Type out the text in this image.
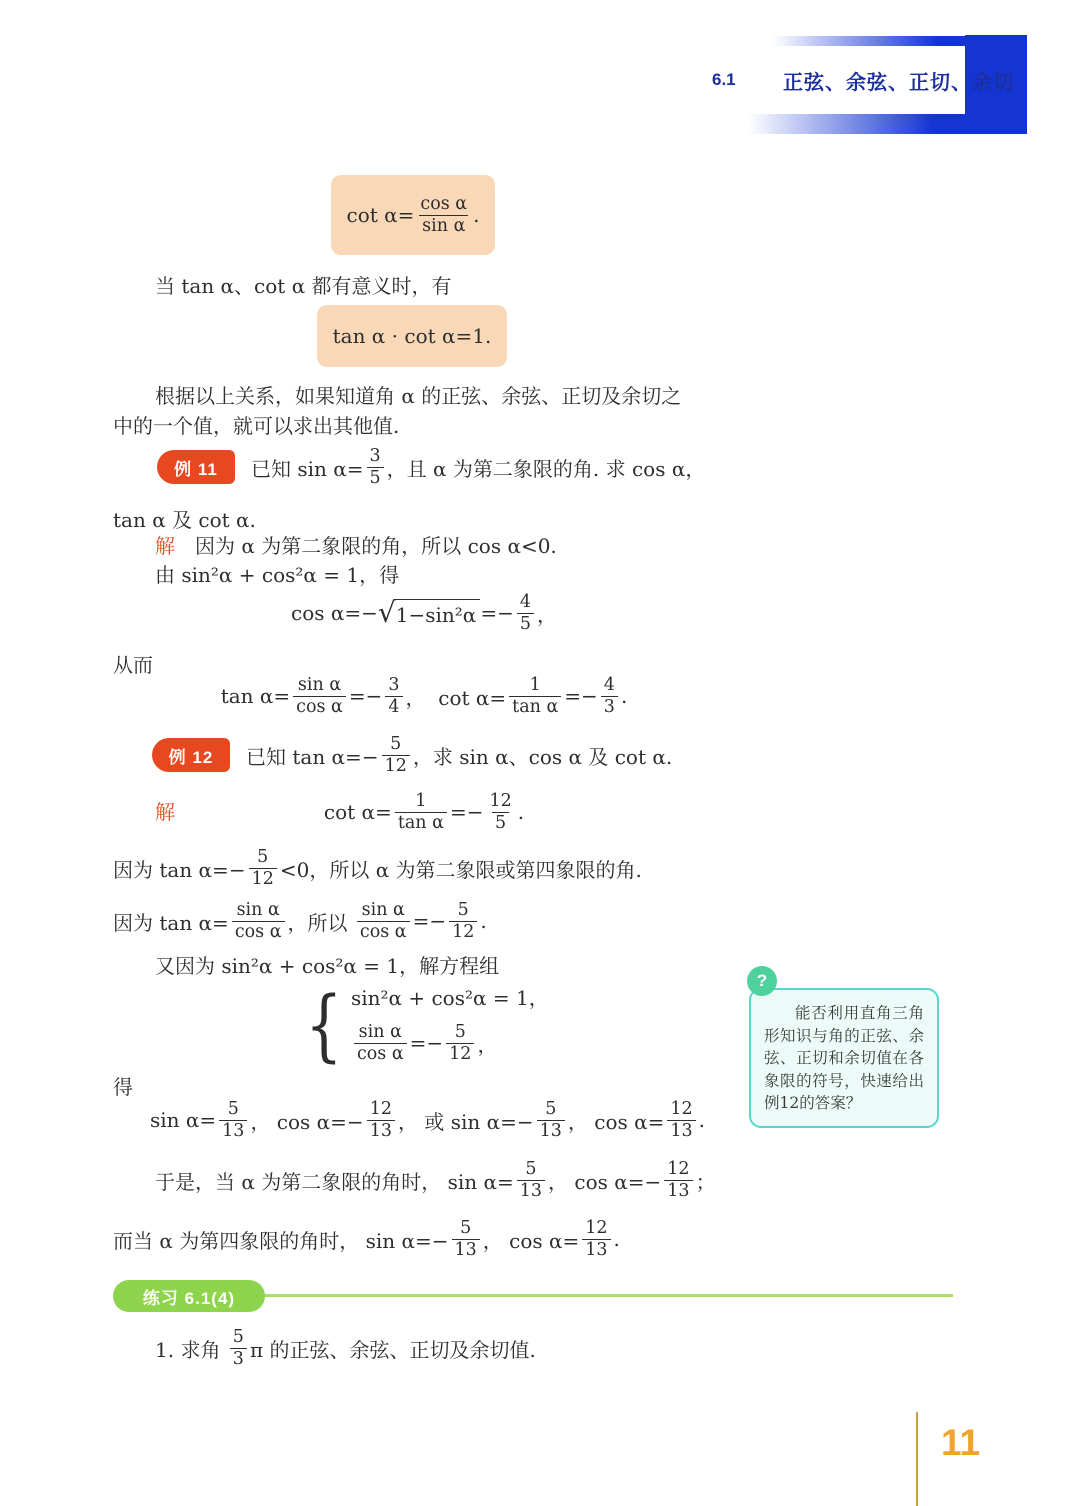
6.1 正弦、余弦、正切、余切
$\cot \alpha= \frac{\text{cos α}}{\text{sin α}}$ .
当 tan α、cot α 都有意义时，有
tan α · cot α=1.
根据以上关系，如果知道角 α 的正弦、余弦、正切及余切之
中的一个值，就可以求出其他值.
例 11	已知 $\sin \alpha= \frac{3}{5}$ ，且 α 为第二象限的角. 求 cos α，
tan α 及 cot α.
解 因为 α 为第二象限的角，所以 cos α<0.
由 sin²α + cos²α = 1，得
cos α=− √ $1-\sin^2\alpha =- \frac{4}{5}$ ，
从而
$\tan \alpha= \frac{\text{sin α}}{\text{cos α}} =- \frac{3}{4}$ ，  $\cot \alpha= \frac{1}{\text{tan α}} =- \frac{4}{3}$ .
例 12	已知 $\tan \alpha=- \frac{5}{12}$ ，求 sin α、cos α 及 cot α.
解	$\cot \alpha= \frac{1}{\text{tan α}} =- \frac{12}{5}$ .
因为 $\tan \alpha=- \frac{5}{12} <0$，所以 α 为第二象限或第四象限的角.
因为 $\tan \alpha= \frac{\text{sin α}}{\text{cos α}}$ ，所以 $\frac{\text{sin α}}{\text{cos α}} =- \frac{5}{12}$ .
又因为 sin²α + cos²α = 1，解方程组
{ sin²α + cos²α = 1，
$\frac{\text{sin α}}{\text{cos α}} =- \frac{5}{12}$ ，
得
$\sin \alpha= \frac{5}{13}$ ， $\cos \alpha=- \frac{12}{13}$ ， 或 $\sin \alpha=- \frac{5}{13}$ ， $\cos \alpha= \frac{12}{13}$ .
于是，当 α 为第二象限的角时， $\sin \alpha= \frac{5}{13}$ ， $\cos \alpha=- \frac{12}{13}$ ；
而当 α 为第四象限的角时， $\sin \alpha=- \frac{5}{13}$ ， $\cos \alpha= \frac{12}{13}$ .
练习 6.1(4)
1. 求角 $\frac{5}{3}$ π 的正弦、余弦、正切及余切值.
?
能否利用直角三角形知识与角的正弦、余弦、正切和余切值在各象限的符号，快速给出例12的答案？
11
